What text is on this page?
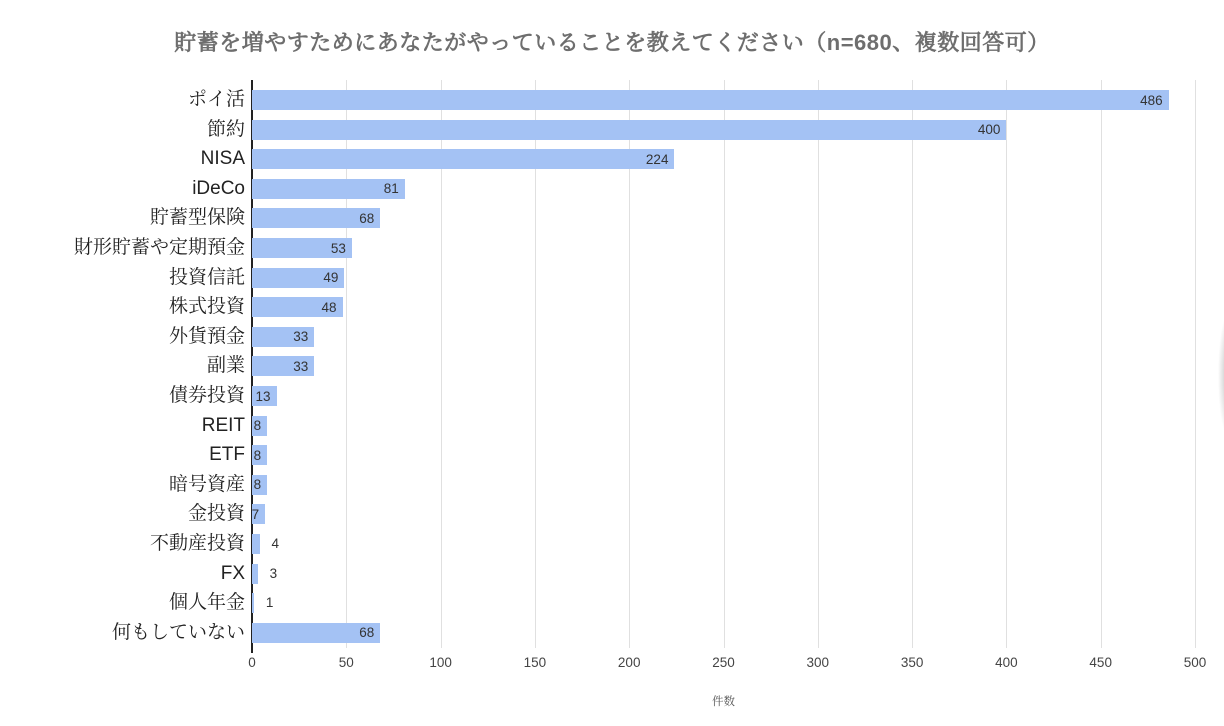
貯蓄を増やすためにあなたがやっていることを教えてください（n=680、複数回答可）
件数
0	50	100	150	200	250	300	350	400	450	500
ポイ活	486
節約	400
NISA	224
iDeCo	81
貯蓄型保険	68
財形貯蓄や定期預金	53
投資信託	49
株式投資	48
外貨預金	33
副業	33
債券投資 13
REIT 8
ETF 8
暗号資産 8
金投資 7
不動産投資 4
FX 3
個人年金 1
何もしていない	68
